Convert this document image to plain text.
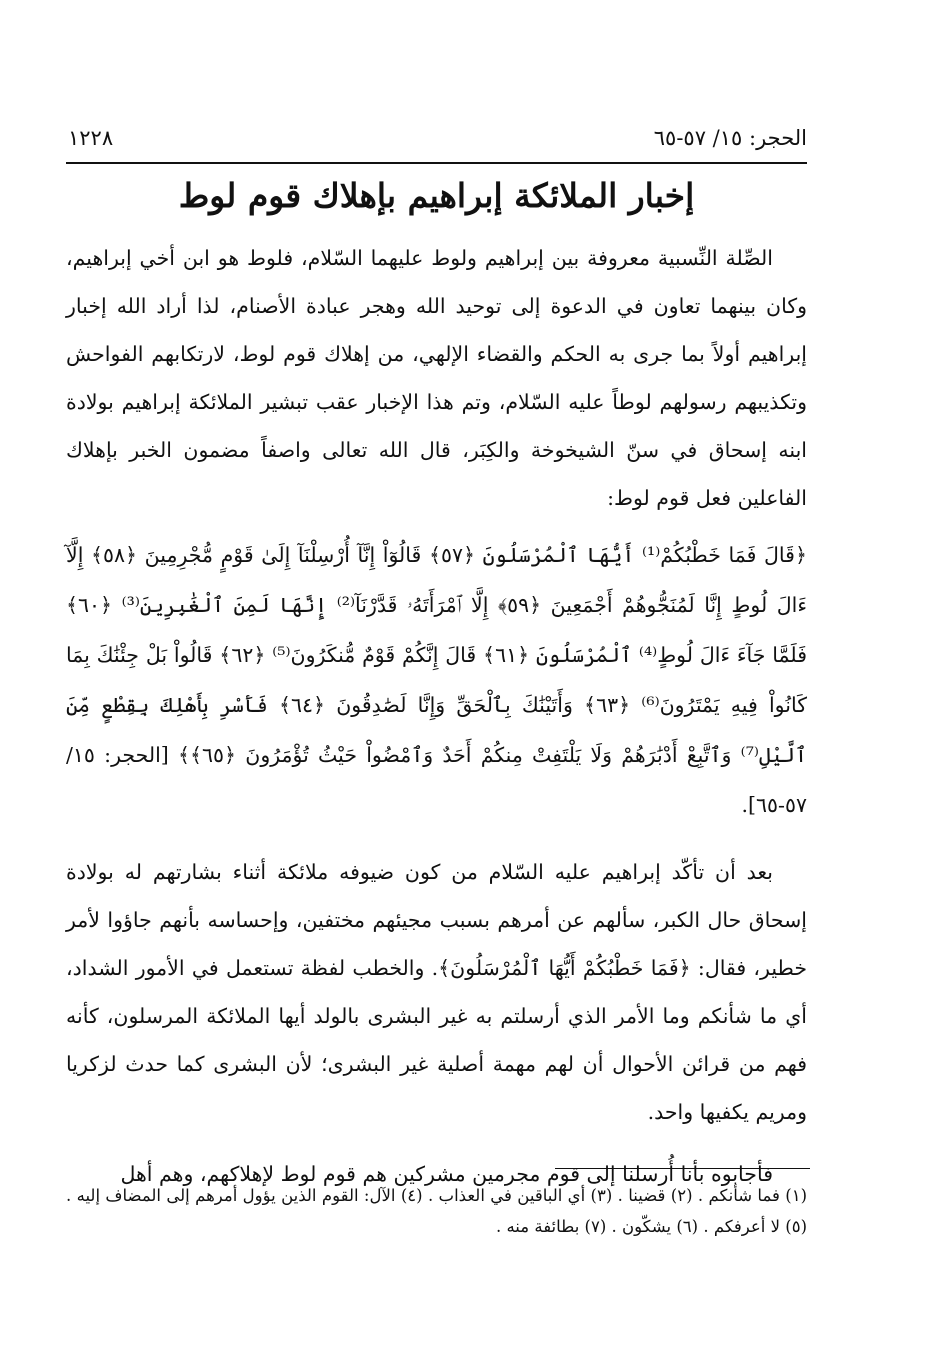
الحجر: ١٥/ ٥٧-٦٥
١٢٢٨
إخبار الملائكة إبراهيم بإهلاك قوم لوط

الصِّلة النِّسبية معروفة بين إبراهيم ولوط عليهما السّلام، فلوط هو ابن أخي إبراهيم، وكان بينهما تعاون في الدعوة إلى توحيد الله وهجر عبادة الأصنام، لذا أراد الله إخبار إبراهيم أولاً بما جرى به الحكم والقضاء الإلهي، من إهلاك قوم لوط، لارتكابهم الفواحش وتكذيبهم رسولهم لوطاً عليه السّلام، وتم هذا الإخبار عقب تبشير الملائكة إبراهيم بولادة ابنه إسحاق في سنّ الشيخوخة والكِبَر، قال الله تعالى واصفاً مضمون الخبر بإهلاك الفاعلين فعل قوم لوط:

﴿قَالَ فَمَا خَطْبُكُمْ⁽¹⁾ أَيُّهَا ٱلْمُرْسَلُونَ ﴿٥٧﴾ قَالُوٓاْ إِنَّآ أُرْسِلْنَآ إِلَىٰ قَوْمٍ مُّجْرِمِينَ ﴿٥٨﴾ إِلَّآ ءَالَ لُوطٍ إِنَّا لَمُنَجُّوهُمْ أَجْمَعِينَ ﴿٥٩﴾ إِلَّا ٱمْرَأَتَهُۥ قَدَّرْنَآ⁽²⁾ إِنَّهَا لَمِنَ ٱلْغَٰبِرِينَ⁽³⁾ ﴿٦٠﴾ فَلَمَّا جَآءَ ءَالَ لُوطٍ⁽⁴⁾ ٱلْمُرْسَلُونَ ﴿٦١﴾ قَالَ إِنَّكُمْ قَوْمٌ مُّنكَرُونَ⁽⁵⁾ ﴿٦٢﴾ قَالُواْ بَلْ جِئْنَٰكَ بِمَا كَانُواْ فِيهِ يَمْتَرُونَ⁽⁶⁾ ﴿٦٣﴾ وَأَتَيْنَٰكَ بِٱلْحَقِّ وَإِنَّا لَصَٰدِقُونَ ﴿٦٤﴾ فَأَسْرِ بِأَهْلِكَ بِقِطْعٍ مِّنَ ٱلَّيْلِ⁽⁷⁾ وَٱتَّبِعْ أَدْبَٰرَهُمْ وَلَا يَلْتَفِتْ مِنكُمْ أَحَدٌ وَٱمْضُواْ حَيْثُ تُؤْمَرُونَ ﴿٦٥﴾﴾ [الحجر: ١٥/ ٥٧-٦٥].

بعد أن تأكّد إبراهيم عليه السّلام من كون ضيوفه ملائكة أثناء بشارتهم له بولادة إسحاق حال الكبر، سألهم عن أمرهم بسبب مجيئهم مختفين، وإحساسه بأنهم جاؤوا لأمر خطير، فقال: ﴿فَمَا خَطْبُكُمْ أَيُّهَا ٱلْمُرْسَلُونَ﴾. والخطب لفظة تستعمل في الأمور الشداد، أي ما شأنكم وما الأمر الذي أرسلتم به غير البشرى بالولد أيها الملائكة المرسلون، كأنه فهم من قرائن الأحوال أن لهم مهمة أصلية غير البشرى؛ لأن البشرى كما حدث لزكريا ومريم يكفيها واحد.

فأجابوه بأنا أُرسلنا إلى قوم مجرمين مشركين هم قوم لوط لإهلاكهم، وهم أهل

(١) فما شأنكم . (٢) قضينا . (٣) أي الباقين في العذاب . (٤) الآل: القوم الذين يؤول أمرهم إلى المضاف إليه . (٥) لا أعرفكم . (٦) يشكّون . (٧) بطائفة منه .
